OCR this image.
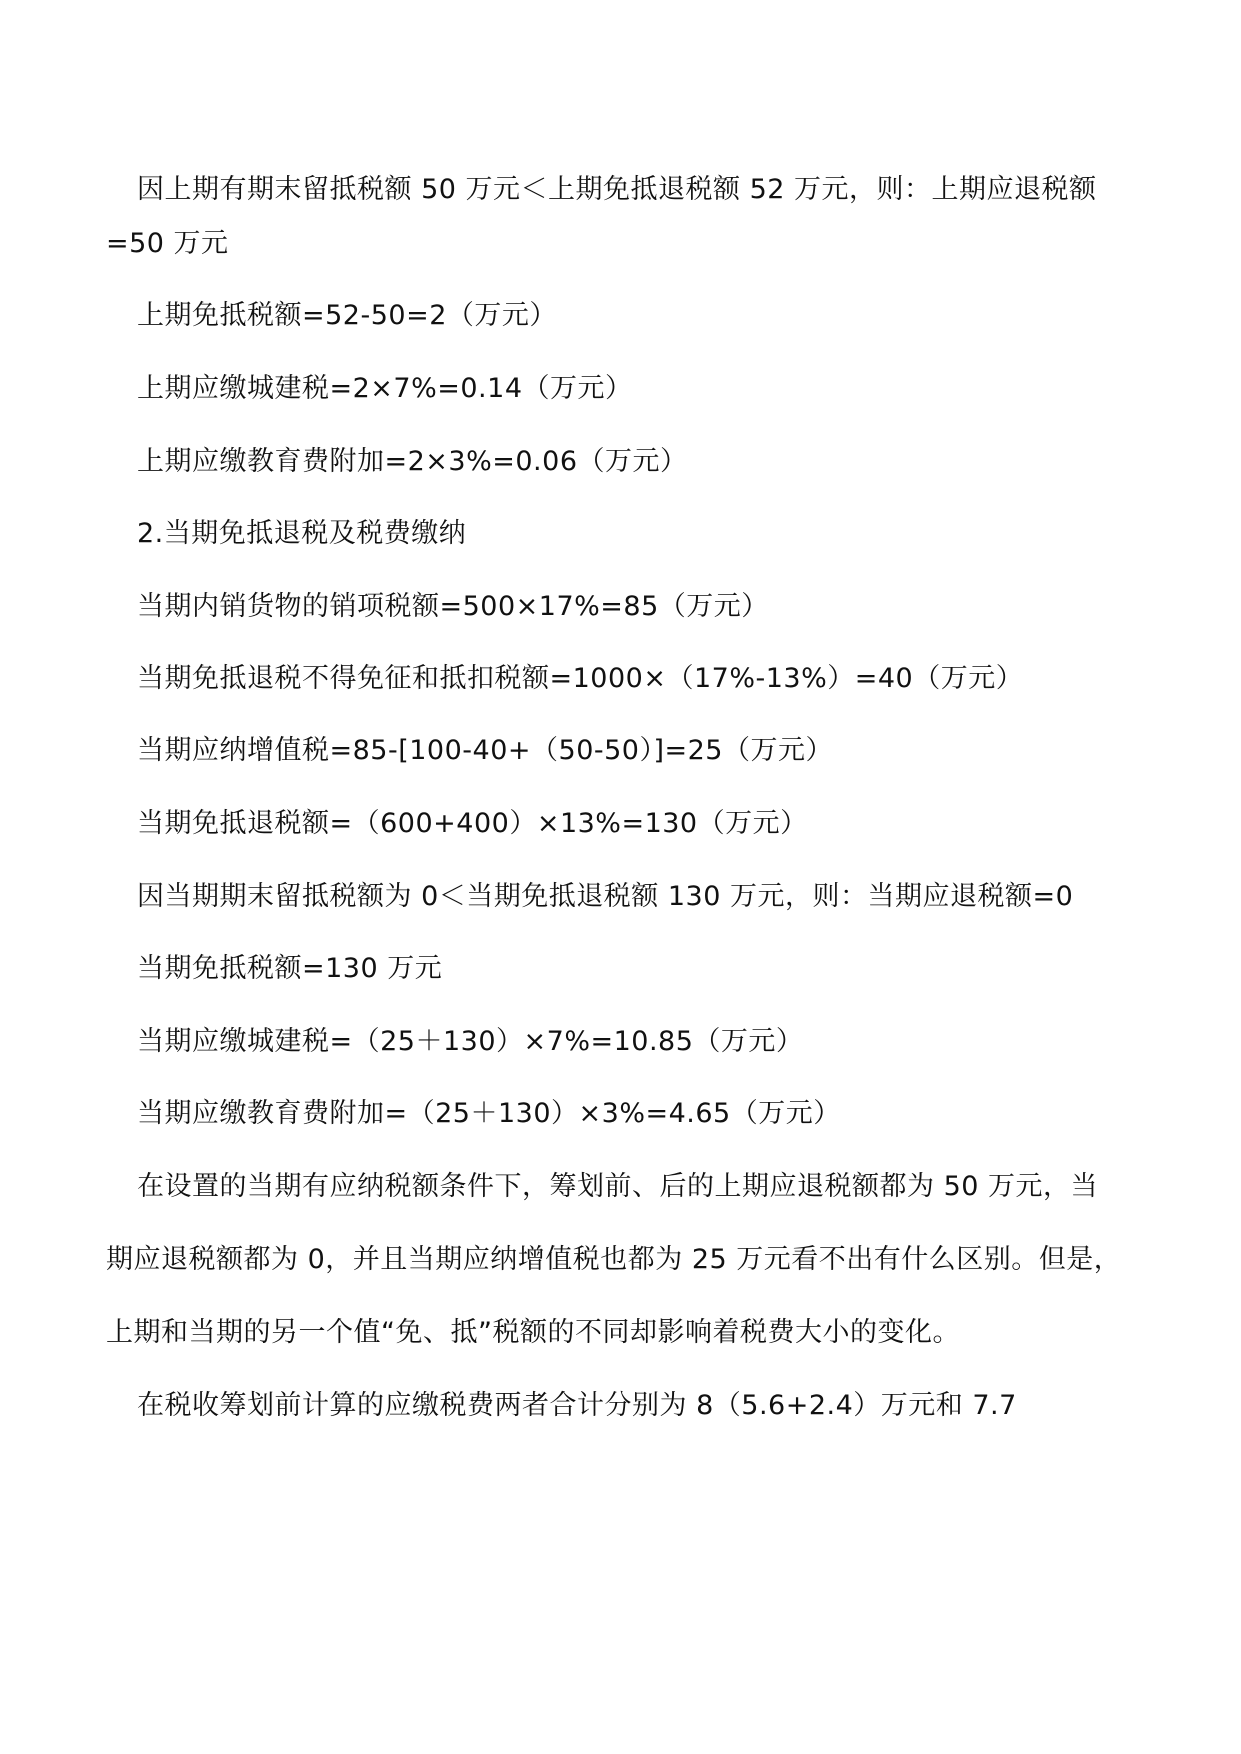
因上期有期末留抵税额 50 万元＜上期免抵退税额 52 万元，则：上期应退税额
=50 万元
上期免抵税额=52-50=2（万元）
上期应缴城建税=2×7%=0.14（万元）
上期应缴教育费附加=2×3%=0.06（万元）
2.当期免抵退税及税费缴纳
当期内销货物的销项税额=500×17%=85（万元）
当期免抵退税不得免征和抵扣税额=1000×（17%-13%）=40（万元）
当期应纳增值税=85-[100-40+（50-50）]=25（万元）
当期免抵退税额=（600+400）×13%=130（万元）
因当期期末留抵税额为 0＜当期免抵退税额 130 万元，则：当期应退税额=0
当期免抵税额=130 万元
当期应缴城建税=（25＋130）×7%=10.85（万元）
当期应缴教育费附加=（25＋130）×3%=4.65（万元）
在设置的当期有应纳税额条件下，筹划前、后的上期应退税额都为 50 万元，当
期应退税额都为 0，并且当期应纳增值税也都为 25 万元看不出有什么区别。但是，
上期和当期的另一个值“免、抵”税额的不同却影响着税费大小的变化。
在税收筹划前计算的应缴税费两者合计分别为 8（5.6+2.4）万元和 7.7
